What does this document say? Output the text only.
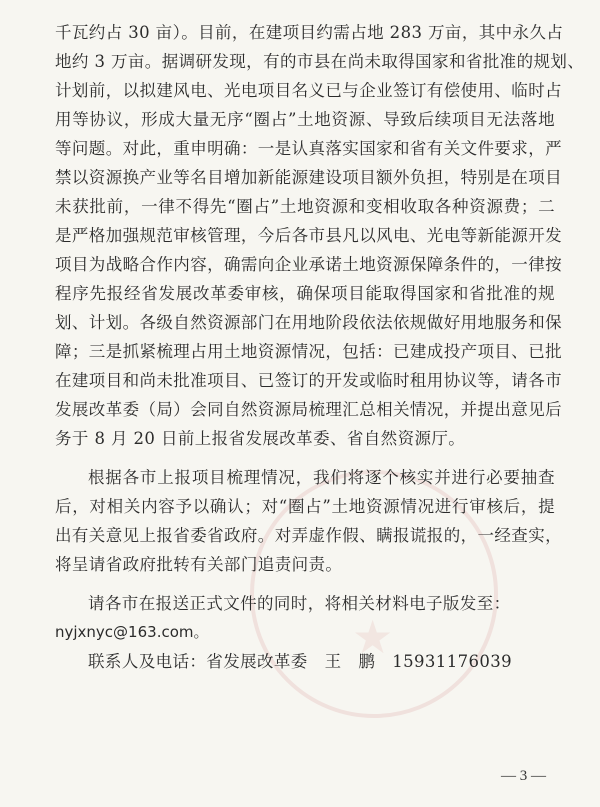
★
千瓦约占 30 亩）。目前，在建项目约需占地 283 万亩，其中永久占
地约 3 万亩。据调研发现，有的市县在尚未取得国家和省批准的规划、
计划前，以拟建风电、光电项目名义已与企业签订有偿使用、临时占
用等协议，形成大量无序“圈占”土地资源、导致后续项目无法落地
等问题。对此，重申明确：一是认真落实国家和省有关文件要求，严
禁以资源换产业等名目增加新能源建设项目额外负担，特别是在项目
未获批前，一律不得先“圈占”土地资源和变相收取各种资源费；二
是严格加强规范审核管理，今后各市县凡以风电、光电等新能源开发
项目为战略合作内容，确需向企业承诺土地资源保障条件的，一律按
程序先报经省发展改革委审核，确保项目能取得国家和省批准的规
划、计划。各级自然资源部门在用地阶段依法依规做好用地服务和保
障；三是抓紧梳理占用土地资源情况，包括：已建成投产项目、已批
在建项目和尚未批准项目、已签订的开发或临时租用协议等，请各市
发展改革委（局）会同自然资源局梳理汇总相关情况，并提出意见后
务于 8 月 20 日前上报省发展改革委、省自然资源厅。
根据各市上报项目梳理情况，我们将逐个核实并进行必要抽查
后，对相关内容予以确认；对“圈占”土地资源情况进行审核后，提
出有关意见上报省委省政府。对弄虚作假、瞒报谎报的，一经查实，
将呈请省政府批转有关部门追责问责。
请各市在报送正式文件的同时，将相关材料电子版发至：
nyjxnyc@163.com。
联系人及电话：省发展改革委　王　鹏　15931176039
— 3 —
